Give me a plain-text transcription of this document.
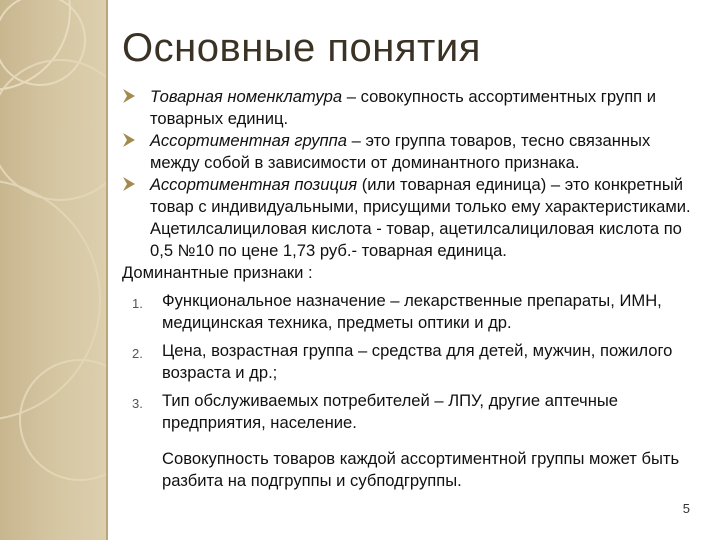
Основные понятия
Товарная номенклатура – совокупность ассортиментных групп и товарных единиц.
Ассортиментная группа – это группа товаров, тесно связанных между собой в зависимости от доминантного признака.
Ассортиментная позиция (или товарная единица) – это конкретный товар с индивидуальными, присущими только ему характеристиками. Ацетилсалициловая кислота - товар, ацетилсалициловая кислота по 0,5 №10 по цене 1,73 руб.- товарная единица.
Доминантные признаки :
1. Функциональное назначение – лекарственные препараты, ИМН, медицинская техника, предметы оптики и др.
2. Цена, возрастная группа – средства для детей, мужчин, пожилого возраста и др.;
3. Тип обслуживаемых потребителей – ЛПУ, другие аптечные предприятия, население.
Совокупность товаров каждой ассортиментной группы может быть разбита на подгруппы и субподгруппы.
5
